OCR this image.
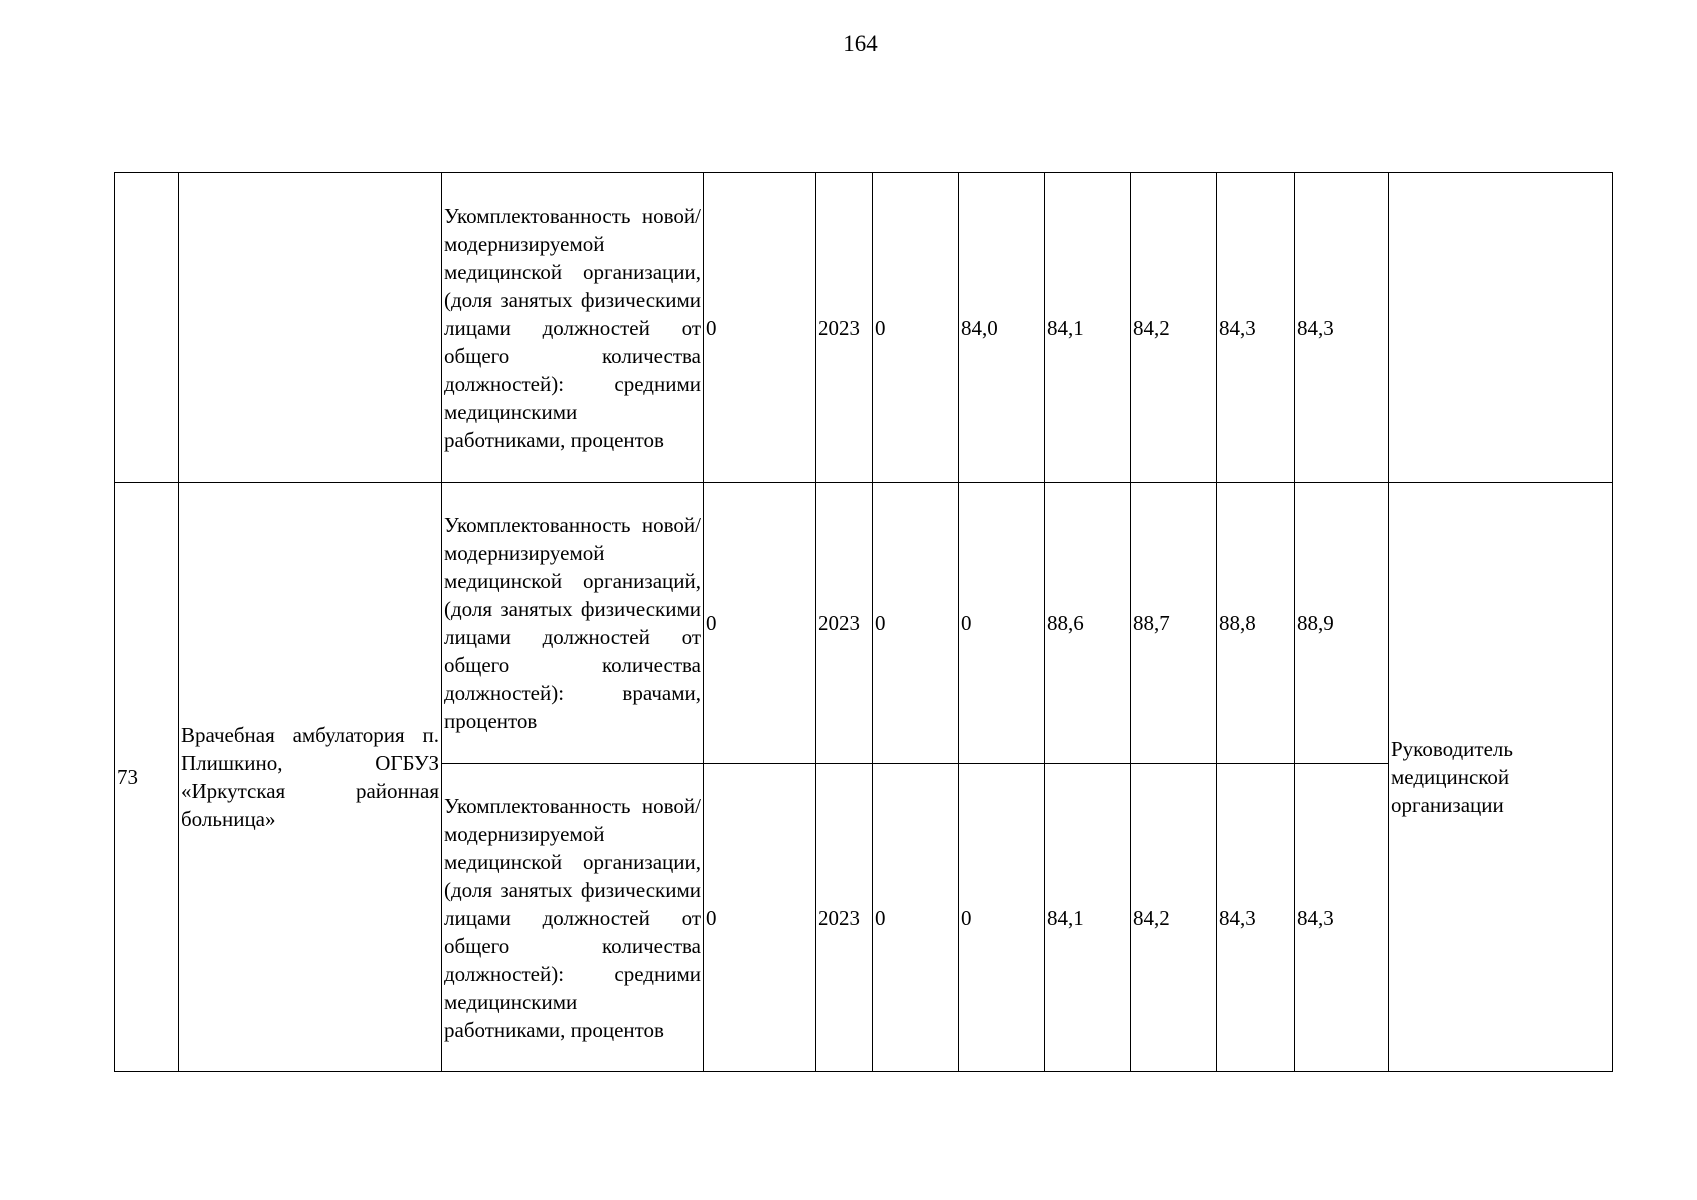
164
		Укомплектованность новой/модернизируемой медицинской организации, (доля занятых физическими лицами должностей от общего количества должностей): средними медицинскими работниками, процентов	0	2023	0	84,0	84,1	84,2	84,3	84,3	
73	Врачебная амбулатория п. Плишкино, ОГБУЗ «Иркутская районная больница»	Укомплектованность новой/модернизируемой медицинской организаций, (доля занятых физическими лицами должностей от общего количества должностей): врачами, процентов	0	2023	0	0	88,6	88,7	88,8	88,9	Руководитель медицинской организации
		Укомплектованность новой/модернизируемой медицинской организации, (доля занятых физическими лицами должностей от общего количества должностей): средними медицинскими работниками, процентов	0	2023	0	0	84,1	84,2	84,3	84,3	
